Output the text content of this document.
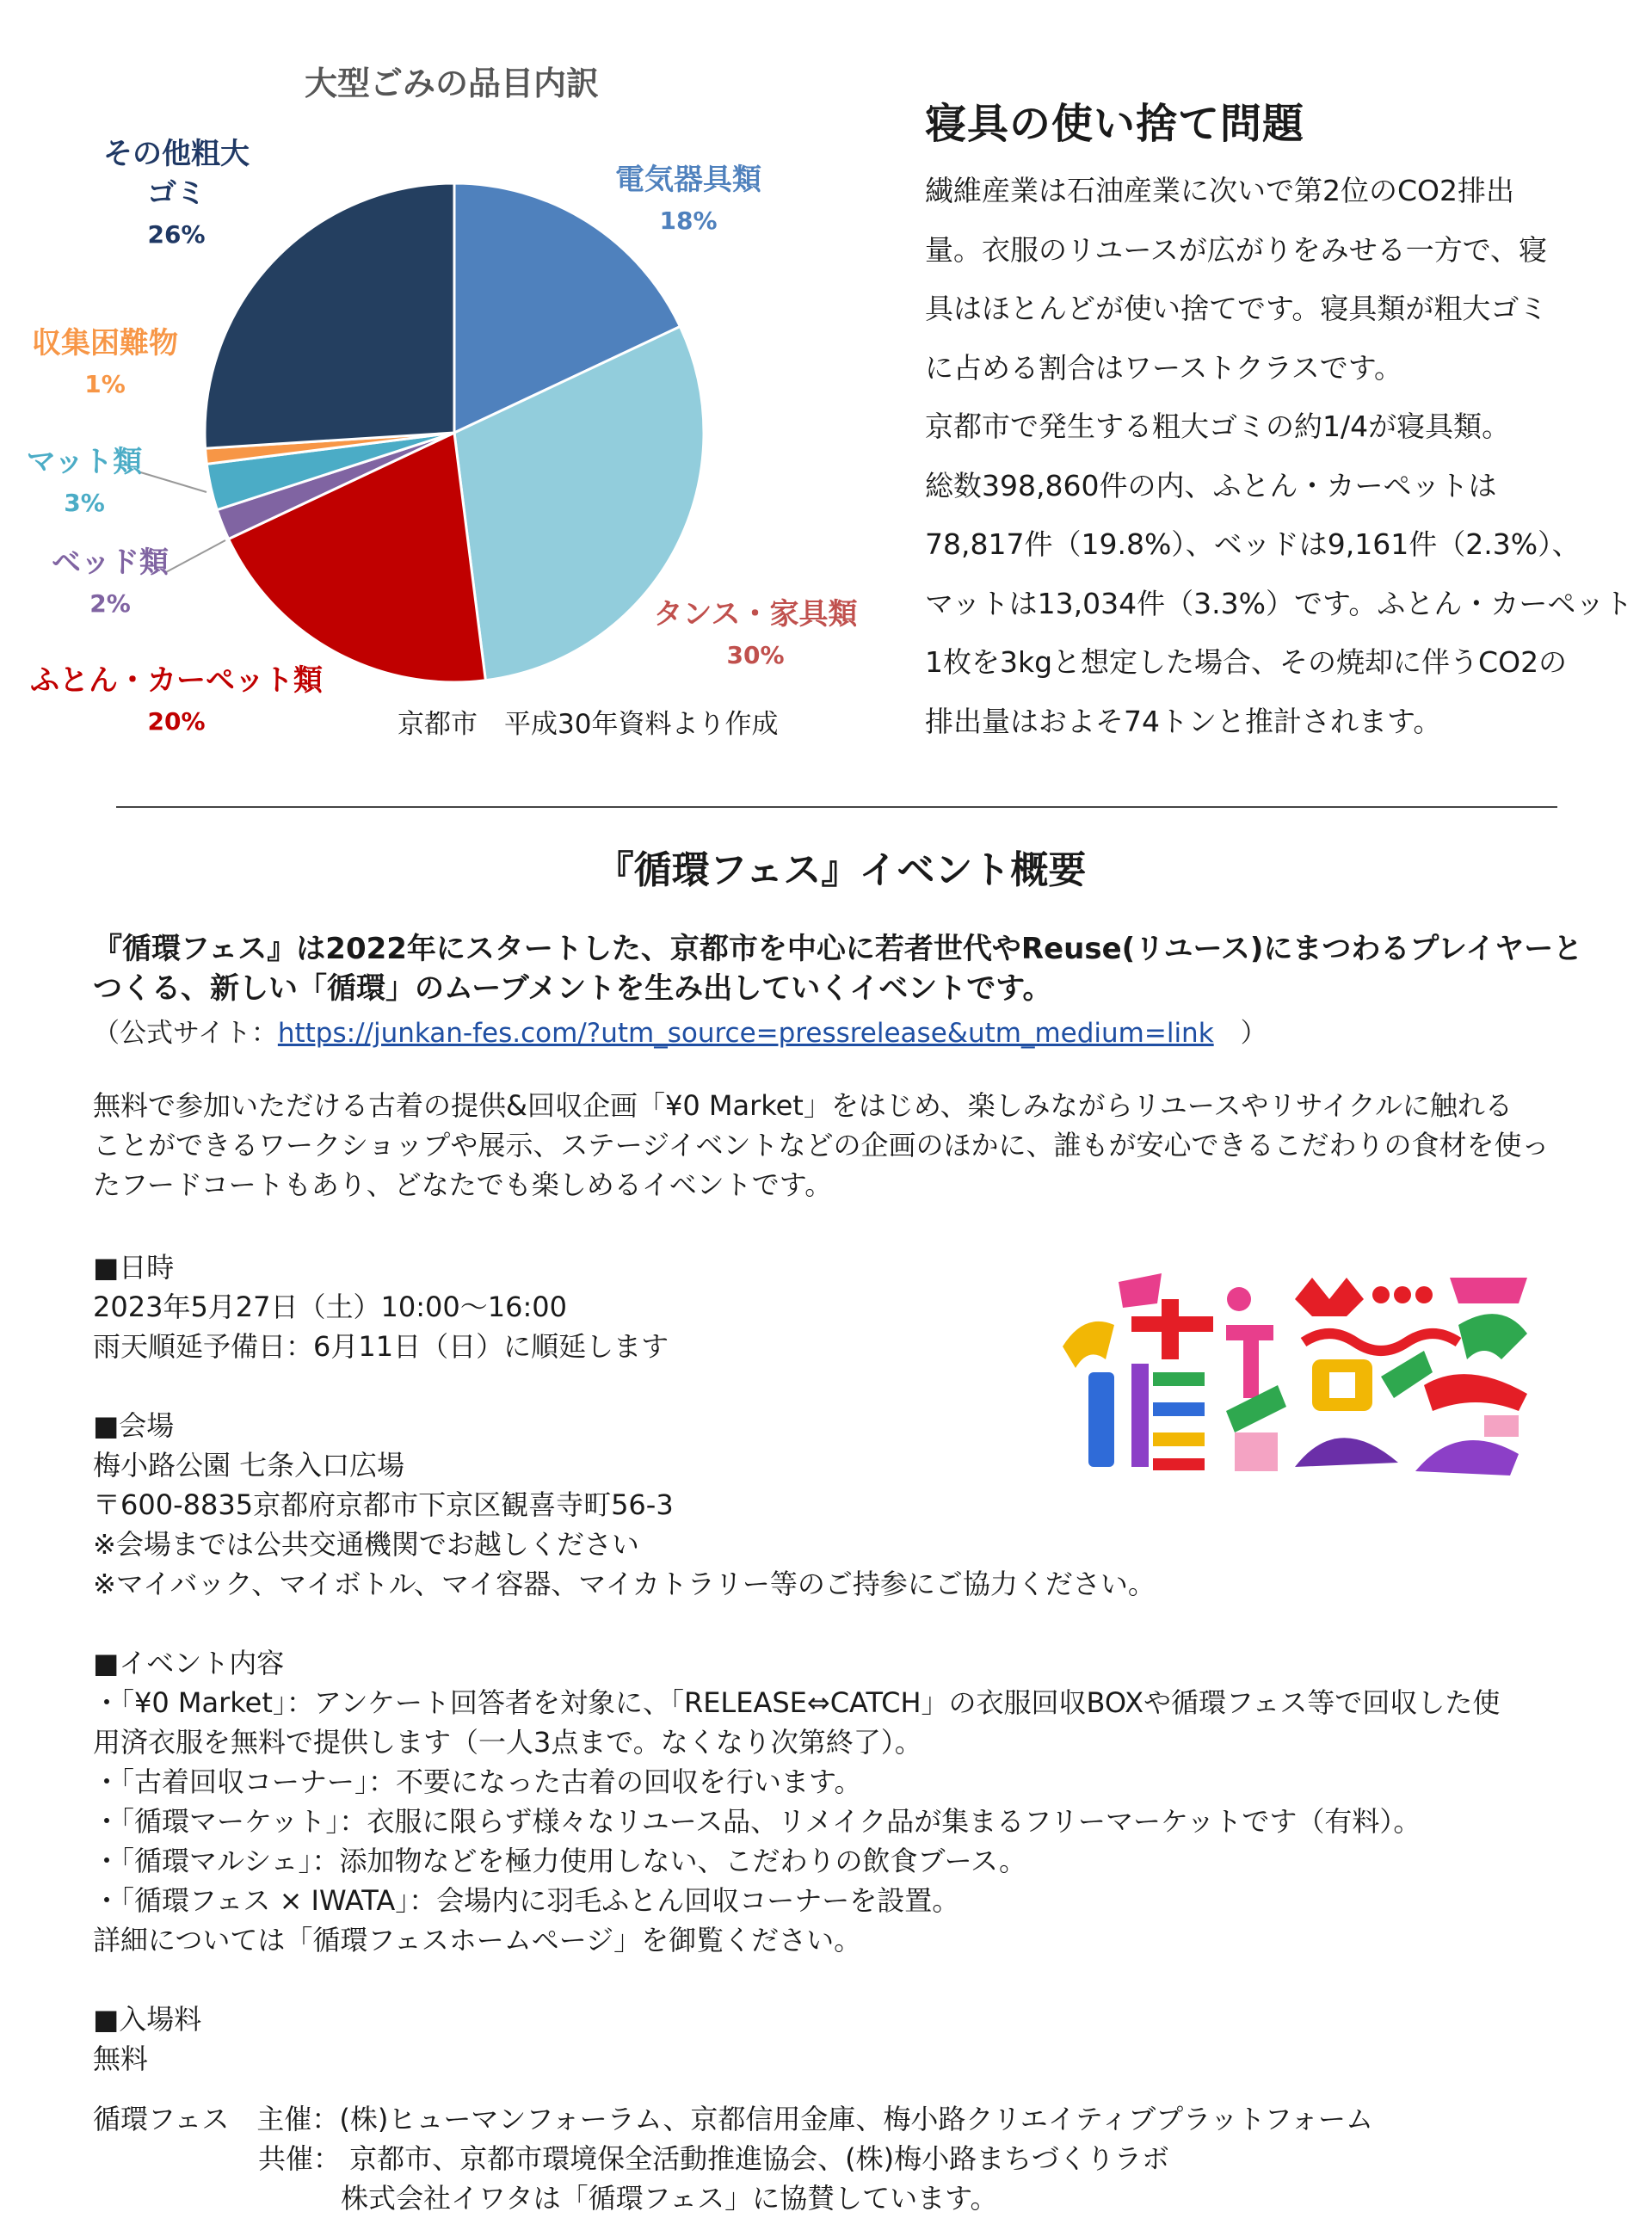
大型ごみの品目内訳
電気器具類 18%
タンス・家具類 30%
ふとん・カーペット類 20%
ベッド類 2%
マット類 3%
収集困難物 1%
その他粗大ゴミ 26%
京都市　平成30年資料より作成
寝具の使い捨て問題
繊維産業は石油産業に次いで第2位のCO2排出
量。衣服のリユースが広がりをみせる一方で、寝
具はほとんどが使い捨てです。寝具類が粗大ゴミ
に占める割合はワーストクラスです。
京都市で発生する粗大ゴミの約1/4が寝具類。
総数398,860件の内、ふとん・カーペットは
78,817件（19.8%）、ベッドは9,161件（2.3%）、
マットは13,034件（3.3%）です。ふとん・カーペット
1枚を3kgと想定した場合、その焼却に伴うCO2の
排出量はおよそ74トンと推計されます。
『循環フェス』イベント概要
『循環フェス』は2022年にスタートした、京都市を中心に若者世代やReuse(リユース)にまつわるプレイヤーと
つくる、新しい「循環」のムーブメントを生み出していくイベントです。
（公式サイト：https://junkan-fes.com/?utm_source=pressrelease&utm_medium=link　）
無料で参加いただける古着の提供&回収企画「¥0 Market」をはじめ、楽しみながらリユースやリサイクルに触れる
ことができるワークショップや展示、ステージイベントなどの企画のほかに、誰もが安心できるこだわりの食材を使っ
たフードコートもあり、どなたでも楽しめるイベントです。
■日時
2023年5月27日（土）10:00～16:00
雨天順延予備日：6月11日（日）に順延します
■会場
梅小路公園 七条入口広場
〒600-8835京都府京都市下京区観喜寺町56-3
※会場までは公共交通機関でお越しください
※マイバック、マイボトル、マイ容器、マイカトラリー等のご持参にご協力ください。
■イベント内容
・「¥0 Market」：アンケート回答者を対象に、「RELEASE⇔CATCH」の衣服回収BOXや循環フェス等で回収した使
用済衣服を無料で提供します（一人3点まで。なくなり次第終了）。
・「古着回収コーナー」：不要になった古着の回収を行います。
・「循環マーケット」：衣服に限らず様々なリユース品、リメイク品が集まるフリーマーケットです（有料）。
・「循環マルシェ」：添加物などを極力使用しない、こだわりの飲食ブース。
・「循環フェス × IWATA」：会場内に羽毛ふとん回収コーナーを設置。
詳細については「循環フェスホームページ」を御覧ください。
■入場料
無料
循環フェス　主催：(株)ヒューマンフォーラム、京都信用金庫、梅小路クリエイティブプラットフォーム
　　　　　　共催： 京都市、京都市環境保全活動推進協会、(株)梅小路まちづくりラボ
　　　　　　　　　株式会社イワタは「循環フェス」に協賛しています。
